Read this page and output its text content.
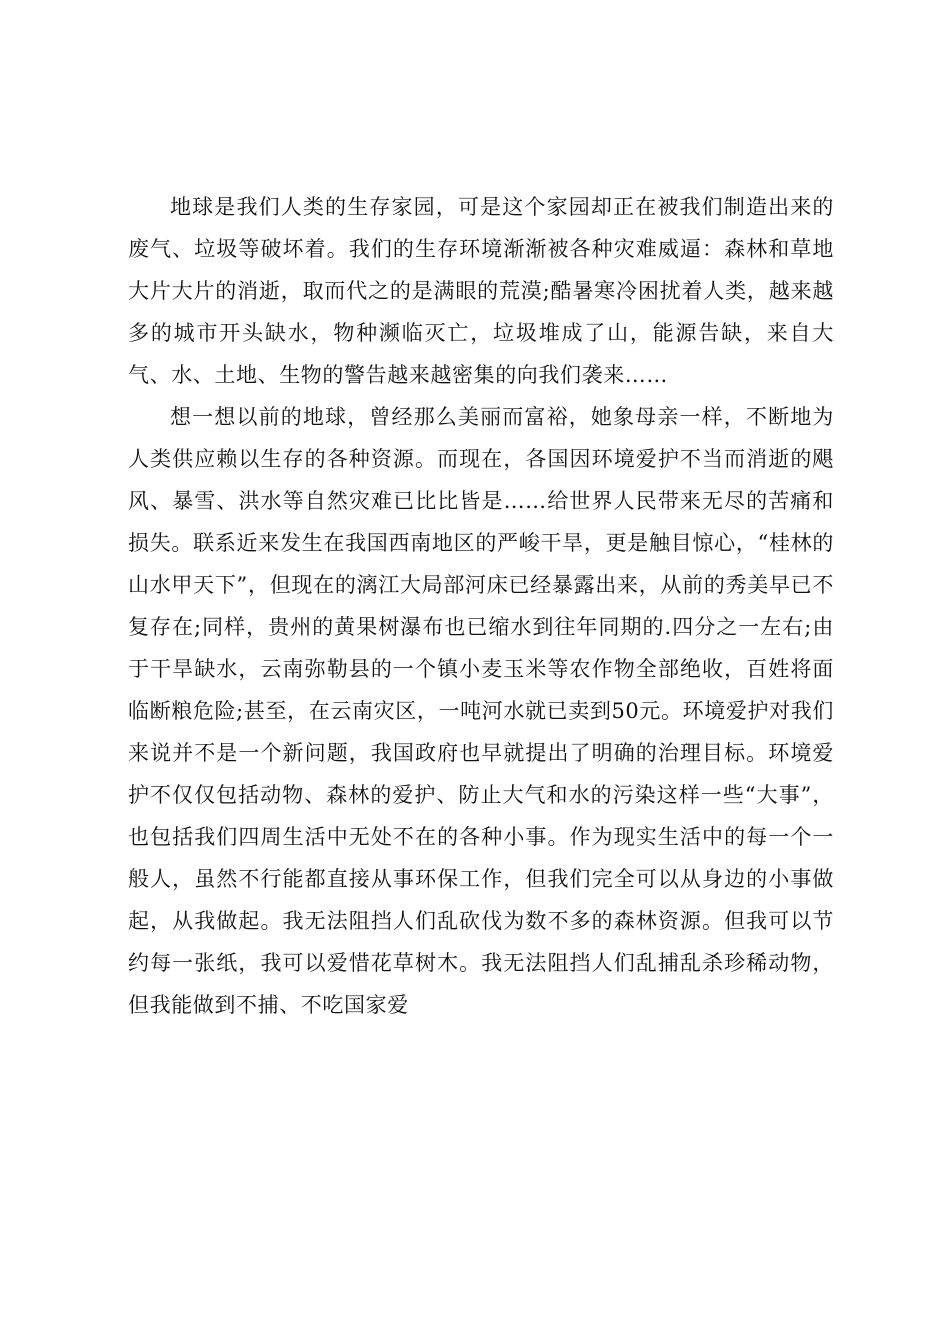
地球是我们人类的生存家园，可是这个家园却正在被我们制造出来的废气、垃圾等破坏着。我们的生存环境渐渐被各种灾难威逼：森林和草地大片大片的消逝，取而代之的是满眼的荒漠;酷暑寒冷困扰着人类，越来越多的城市开头缺水，物种濒临灭亡，垃圾堆成了山，能源告缺，来自大气、水、土地、生物的警告越来越密集的向我们袭来……

想一想以前的地球，曾经那么美丽而富裕，她象母亲一样，不断地为人类供应赖以生存的各种资源。而现在，各国因环境爱护不当而消逝的飓风、暴雪、洪水等自然灾难已比比皆是……给世界人民带来无尽的苦痛和损失。联系近来发生在我国西南地区的严峻干旱，更是触目惊心，“桂林的山水甲天下”，但现在的漓江大局部河床已经暴露出来，从前的秀美早已不复存在;同样，贵州的黄果树瀑布也已缩水到往年同期的.四分之一左右;由于干旱缺水，云南弥勒县的一个镇小麦玉米等农作物全部绝收，百姓将面临断粮危险;甚至，在云南灾区，一吨河水就已卖到50元。环境爱护对我们来说并不是一个新问题，我国政府也早就提出了明确的治理目标。环境爱护不仅仅包括动物、森林的爱护、防止大气和水的污染这样一些“大事”，也包括我们四周生活中无处不在的各种小事。作为现实生活中的每一个一般人，虽然不行能都直接从事环保工作，但我们完全可以从身边的小事做起，从我做起。我无法阻挡人们乱砍伐为数不多的森林资源。但我可以节约每一张纸，我可以爱惜花草树木。我无法阻挡人们乱捕乱杀珍稀动物，但我能做到不捕、不吃国家爱
